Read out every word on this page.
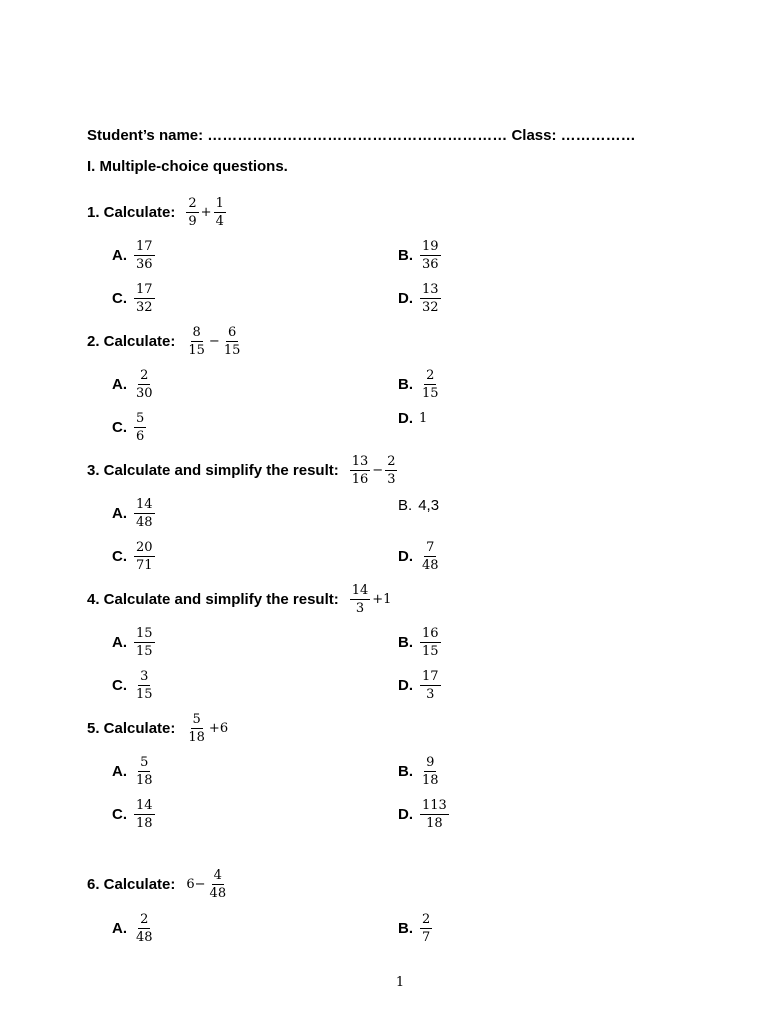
Student’s name: …………………………………………………… Class: ……………
I. Multiple-choice questions.
1. Calculate: $\frac{2}{9} + \frac{1}{4}$
A. $\frac{17}{36}$	B. $\frac{19}{36}$
C. $\frac{17}{32}$	D. $\frac{13}{32}$
2. Calculate: $\frac{8}{15} - \frac{6}{15}$
A. $\frac{2}{30}$	B. $\frac{2}{15}$
C. $\frac{5}{6}$	D. 1
3. Calculate and simplify the result: $\frac{13}{16} - \frac{2}{3}$
A. $\frac{14}{48}$	B. 4,3
C. $\frac{20}{71}$	D. $\frac{7}{48}$
4. Calculate and simplify the result: $\frac{14}{3} +1$
A. $\frac{15}{15}$	B. $\frac{16}{15}$
C. $\frac{3}{15}$	D. $\frac{17}{3}$
5. Calculate: $\frac{5}{18} +6$
A. $\frac{5}{18}$	B. $\frac{9}{18}$
C. $\frac{14}{18}$	D. $\frac{113}{18}$
6. Calculate: $6- \frac{4}{48}$
A. $\frac{2}{48}$	B. $\frac{2}{7}$
1
